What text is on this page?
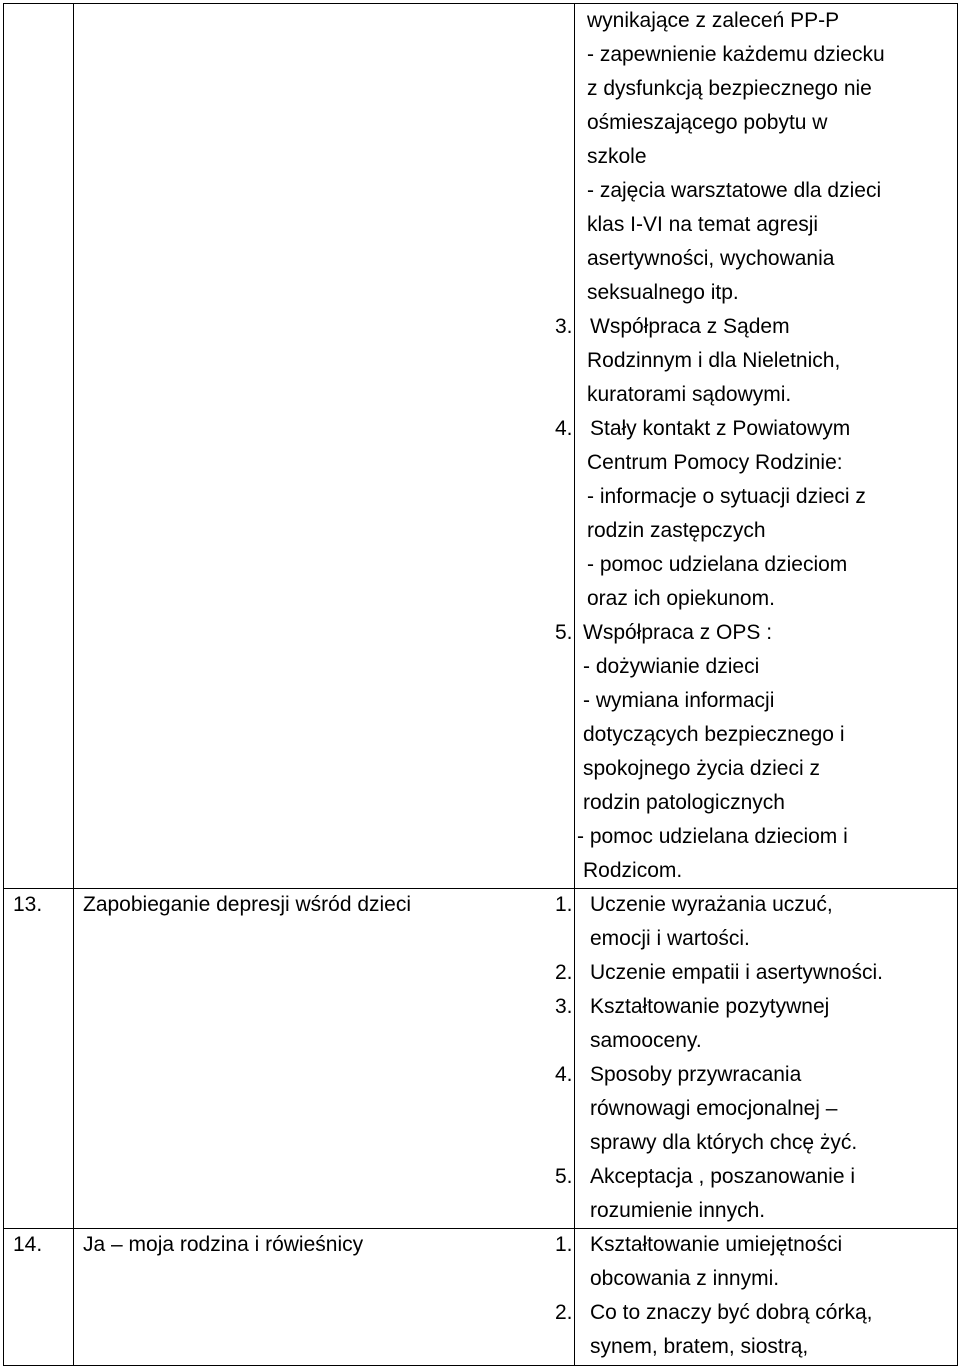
wynikające z zaleceń PP-P
- zapewnienie każdemu dziecku
z dysfunkcją bezpiecznego nie
ośmieszającego pobytu w
szkole
- zajęcia warsztatowe dla dzieci
klas I-VI na temat agresji
asertywności, wychowania
seksualnego itp.
3. Współpraca z Sądem
Rodzinnym i dla Nieletnich,
kuratorami sądowymi.
4. Stały kontakt z Powiatowym
Centrum Pomocy Rodzinie:
- informacje o sytuacji dzieci z
rodzin zastępczych
- pomoc udzielana dzieciom
oraz ich opiekunom.
5. Współpraca z OPS :
- dożywianie dzieci
- wymiana informacji
dotyczących bezpiecznego i
spokojnego życia dzieci z
rodzin patologicznych
- pomoc udzielana dzieciom i
Rodzicom.
13. Zapobieganie depresji wśród dzieci	1. Uczenie wyrażania uczuć,
emocji i wartości.
2. Uczenie empatii i asertywności.
3. Kształtowanie pozytywnej
samooceny.
4. Sposoby przywracania
równowagi emocjonalnej –
sprawy dla których chcę żyć.
5. Akceptacja , poszanowanie i
rozumienie innych.
14. Ja – moja rodzina i rówieśnicy	1. Kształtowanie umiejętności
obcowania z innymi.
2. Co to znaczy być dobrą córką,
synem, bratem, siostrą,
